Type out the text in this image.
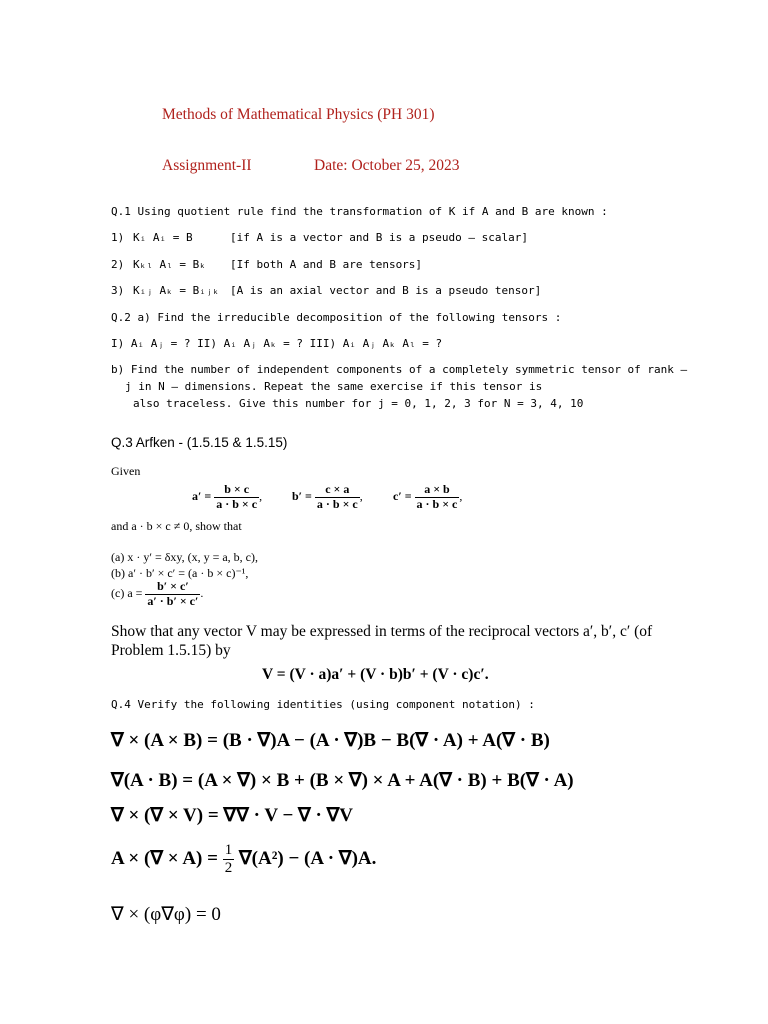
Methods of Mathematical Physics (PH 301)
Assignment-II	Date: October 25, 2023
Q.1 Using quotient rule find the transformation of K if A and B are known :
1) Kᵢ Aᵢ = B	[if A is a vector and B is a pseudo – scalar]
2) Kₖₗ Aₗ = Bₖ [If both A and B are tensors]
3) Kᵢⱼ Aₖ = Bᵢⱼₖ [A is an axial vector and B is a pseudo tensor]
Q.2 a) Find the irreducible decomposition of the following tensors :
I) Aᵢ Aⱼ = ? II) Aᵢ Aⱼ Aₖ = ? III) Aᵢ Aⱼ Aₖ Aₗ = ?
b) Find the number of independent components of a completely symmetric tensor of rank –
j in N – dimensions. Repeat the same exercise if this tensor is
also traceless. Give this number for j = 0, 1, 2, 3 for N = 3, 4, 10
Q.3 Arfken - (1.5.15 & 1.5.15)
Given
$a' = \frac{b \times c}{a \cdot b \times c}$ , $b' = \frac{c \times a}{a \cdot b \times c}$ ,	$c' = \frac{a \times b}{a \cdot b \times c}$ ,
and a · b × c ≠ 0, show that
(a) x · y′ = δxy, (x, y = a, b, c),
(b) a′ · b′ × c′ = (a · b × c)⁻¹,
(c) $a = \frac{b' \times c'}{a' \cdot b' \times c'}$ .
Show that any vector V may be expressed in terms of the reciprocal vectors a′, b′, c′ (of
Problem 1.5.15) by
V = (V · a)a′ + (V · b)b′ + (V · c)c′.
Q.4 Verify the following identities (using component notation) :
∇ × (A × B) = (B · ∇)A − (A · ∇)B − B(∇ · A) + A(∇ · B)
∇(A · B) = (A × ∇) × B + (B × ∇) × A + A(∇ · B) + B(∇ · A)
∇ × (∇ × V) = ∇∇ · V − ∇ · ∇V
A × (∇ × $A) = \frac{1}{2} \nabla(A^2) - (A \cdot \nabla)A$.
∇ × (φ∇φ) = 0
